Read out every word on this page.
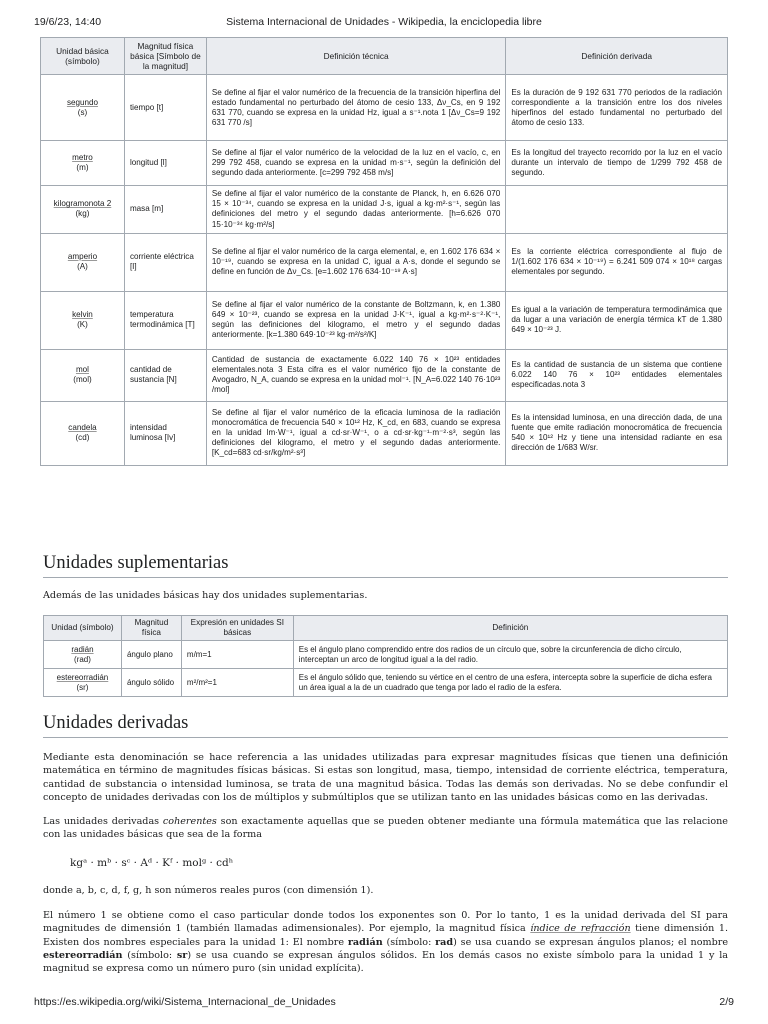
19/6/23, 14:40	Sistema Internacional de Unidades - Wikipedia, la enciclopedia libre
Unidad básica (símbolo)	Magnitud física básica [Símbolo de la magnitud]	Definición técnica	Definición derivada

segundo
(s)	tiempo [t]	Se define al fijar el valor numérico de la frecuencia de la transición hiperfina del estado fundamental no perturbado del átomo de cesio 133, Δν_Cs, en 9 192 631 770, cuando se expresa en la unidad Hz, igual a s⁻¹.nota 1 [Δν_Cs=9 192 631 770 /s]	Es la duración de 9 192 631 770 periodos de la radiación correspondiente a la transición entre los dos niveles hiperfinos del estado fundamental no perturbado del átomo de cesio 133.

metro
(m)	longitud [l]	Se define al fijar el valor numérico de la velocidad de la luz en el vacío, c, en 299 792 458, cuando se expresa en la unidad m·s⁻¹, según la definición del segundo dada anteriormente. [c=299 792 458 m/s]	Es la longitud del trayecto recorrido por la luz en el vacío durante un intervalo de tiempo de 1/299 792 458 de segundo.

kilogramonota 2
(kg)	masa [m]	Se define al fijar el valor numérico de la constante de Planck, h, en 6.626 070 15 × 10⁻³⁴, cuando se expresa en la unidad J·s, igual a kg·m²·s⁻¹, según las definiciones del metro y el segundo dadas anteriormente. [h=6.626 070 15·10⁻³⁴ kg·m²/s]	

amperio
(A)	corriente eléctrica [I]	Se define al fijar el valor numérico de la carga elemental, e, en 1.602 176 634 × 10⁻¹⁹, cuando se expresa en la unidad C, igual a A·s, donde el segundo se define en función de Δν_Cs. [e=1.602 176 634·10⁻¹⁹ A·s]	Es la corriente eléctrica correspondiente al flujo de 1/(1.602 176 634 × 10⁻¹⁹) = 6.241 509 074 × 10¹⁸ cargas elementales por segundo.

kelvin
(K)	temperatura termodinámica [T]	Se define al fijar el valor numérico de la constante de Boltzmann, k, en 1.380 649 × 10⁻²³, cuando se expresa en la unidad J·K⁻¹, igual a kg·m²·s⁻²·K⁻¹, según las definiciones del kilogramo, el metro y el segundo dadas anteriormente. [k=1.380 649·10⁻²³ kg·m²/s²/K]	Es igual a la variación de temperatura termodinámica que da lugar a una variación de energía térmica kT de 1.380 649 × 10⁻²³ J.

mol
(mol)	cantidad de sustancia [N]	Cantidad de sustancia de exactamente 6.022 140 76 × 10²³ entidades elementales.nota 3 Esta cifra es el valor numérico fijo de la constante de Avogadro, N_A, cuando se expresa en la unidad mol⁻¹. [N_A=6.022 140 76·10²³ /mol]	Es la cantidad de sustancia de un sistema que contiene 6.022 140 76 × 10²³ entidades elementales especificadas.nota 3

candela
(cd)	intensidad luminosa [Iv]	Se define al fijar el valor numérico de la eficacia luminosa de la radiación monocromática de frecuencia 540 × 10¹² Hz, K_cd, en 683, cuando se expresa en la unidad lm·W⁻¹, igual a cd·sr·W⁻¹, o a cd·sr·kg⁻¹·m⁻²·s³, según las definiciones del kilogramo, el metro y el segundo dadas anteriormente. [K_cd=683 cd·sr/kg/m²·s³]	Es la intensidad luminosa, en una dirección dada, de una fuente que emite radiación monocromática de frecuencia 540 × 10¹² Hz y tiene una intensidad radiante en esa dirección de 1/683 W/sr.
Unidades suplementarias

Además de las unidades básicas hay dos unidades suplementarias.

Unidad (símbolo)	Magnitud física	Expresión en unidades SI básicas	Definición

radián
(rad)	ángulo plano	m/m=1	Es el ángulo plano comprendido entre dos radios de un círculo que, sobre la circunferencia de dicho círculo, interceptan un arco de longitud igual a la del radio.

estereorradián
(sr)	ángulo sólido	m²/m²=1	Es el ángulo sólido que, teniendo su vértice en el centro de una esfera, intercepta sobre la superficie de dicha esfera un área igual a la de un cuadrado que tenga por lado el radio de la esfera.
Unidades derivadas

Mediante esta denominación se hace referencia a las unidades utilizadas para expresar magnitudes físicas que tienen una definición matemática en término de magnitudes físicas básicas. Si estas son longitud, masa, tiempo, intensidad de corriente eléctrica, temperatura, cantidad de substancia o intensidad luminosa, se trata de una magnitud básica. Todas las demás son derivadas. No se debe confundir el concepto de unidades derivadas con los de múltiplos y submúltiplos que se utilizan tanto en las unidades básicas como en las derivadas.

Las unidades derivadas coherentes son exactamente aquellas que se pueden obtener mediante una fórmula matemática que las relacione con las unidades básicas que sea de la forma

kgᵃ · mᵇ · sᶜ · Aᵈ · Kᶠ · molᵍ · cdʰ

donde a, b, c, d, f, g, h son números reales puros (con dimensión 1).

El número 1 se obtiene como el caso particular donde todos los exponentes son 0. Por lo tanto, 1 es la unidad derivada del SI para magnitudes de dimensión 1 (también llamadas adimensionales). Por ejemplo, la magnitud física índice de refracción tiene dimensión 1. Existen dos nombres especiales para la unidad 1: El nombre radián (símbolo: rad) se usa cuando se expresan ángulos planos; el nombre estereorradián (símbolo: sr) se usa cuando se expresan ángulos sólidos. En los demás casos no existe símbolo para la unidad 1 y la magnitud se expresa como un número puro (sin unidad explícita).

https://es.wikipedia.org/wiki/Sistema_Internacional_de_Unidades	2/9
